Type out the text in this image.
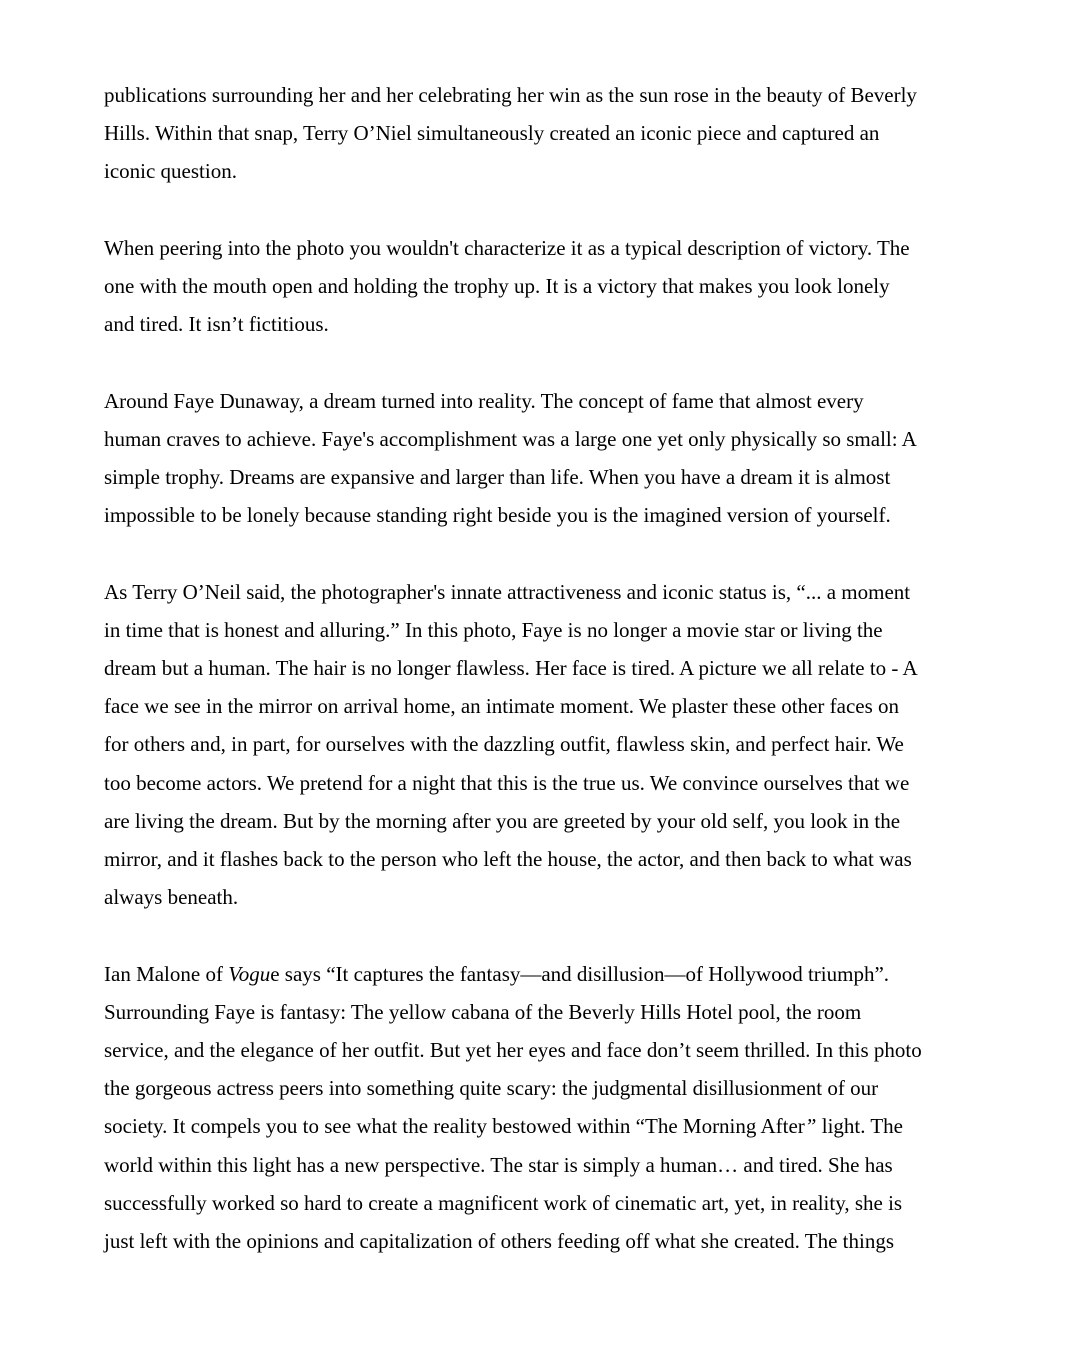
publications surrounding her and her celebrating her win as the sun rose in the beauty of Beverly
Hills. Within that snap, Terry O’Niel simultaneously created an iconic piece and captured an
iconic question.

When peering into the photo you wouldn't characterize it as a typical description of victory. The
one with the mouth open and holding the trophy up. It is a victory that makes you look lonely
and tired. It isn’t fictitious.

Around Faye Dunaway, a dream turned into reality. The concept of fame that almost every
human craves to achieve. Faye's accomplishment was a large one yet only physically so small: A
simple trophy. Dreams are expansive and larger than life. When you have a dream it is almost
impossible to be lonely because standing right beside you is the imagined version of yourself.

As Terry O’Neil said, the photographer's innate attractiveness and iconic status is, “... a moment
in time that is honest and alluring.” In this photo, Faye is no longer a movie star or living the
dream but a human. The hair is no longer flawless. Her face is tired. A picture we all relate to - A
face we see in the mirror on arrival home, an intimate moment. We plaster these other faces on
for others and, in part, for ourselves with the dazzling outfit, flawless skin, and perfect hair. We
too become actors. We pretend for a night that this is the true us. We convince ourselves that we
are living the dream. But by the morning after you are greeted by your old self, you look in the
mirror, and it flashes back to the person who left the house, the actor, and then back to what was
always beneath.

Ian Malone of Vogue says “It captures the fantasy—and disillusion—of Hollywood triumph”.
Surrounding Faye is fantasy: The yellow cabana of the Beverly Hills Hotel pool, the room
service, and the elegance of her outfit. But yet her eyes and face don’t seem thrilled. In this photo
the gorgeous actress peers into something quite scary: the judgmental disillusionment of our
society. It compels you to see what the reality bestowed within “The Morning After” light. The
world within this light has a new perspective. The star is simply a human… and tired. She has
successfully worked so hard to create a magnificent work of cinematic art, yet, in reality, she is
just left with the opinions and capitalization of others feeding off what she created. The things
